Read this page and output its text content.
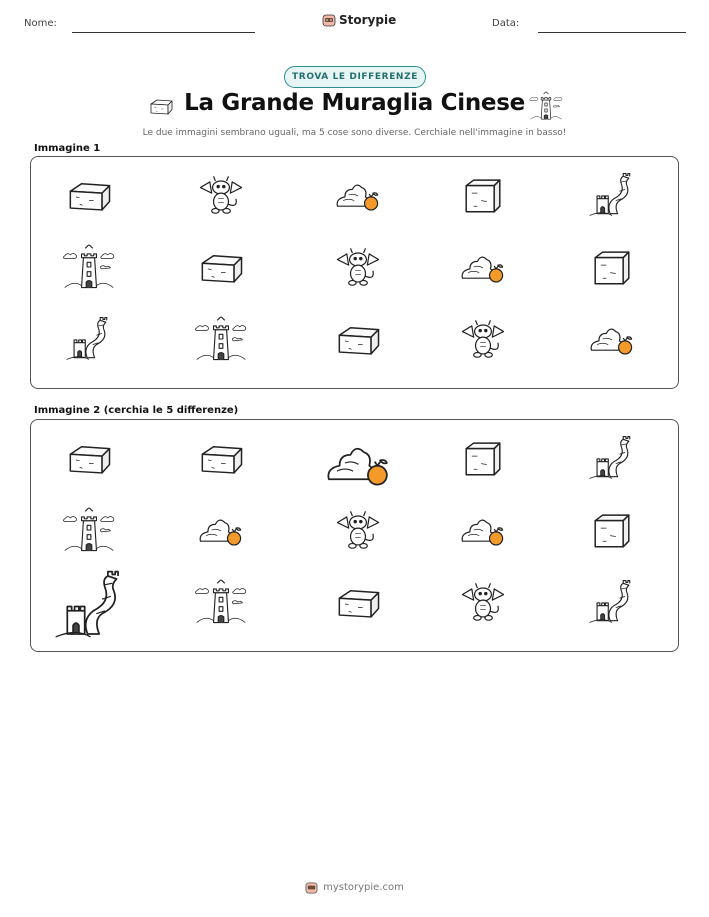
Nome:	Storypie	Data:
TROVA LE DIFFERENZE
La Grande Muraglia Cinese
Le due immagini sembrano uguali, ma 5 cose sono diverse. Cerchiale nell'immagine in basso!
Immagine 1
Immagine 2 (cerchia le 5 differenze)
mystorypie.com
